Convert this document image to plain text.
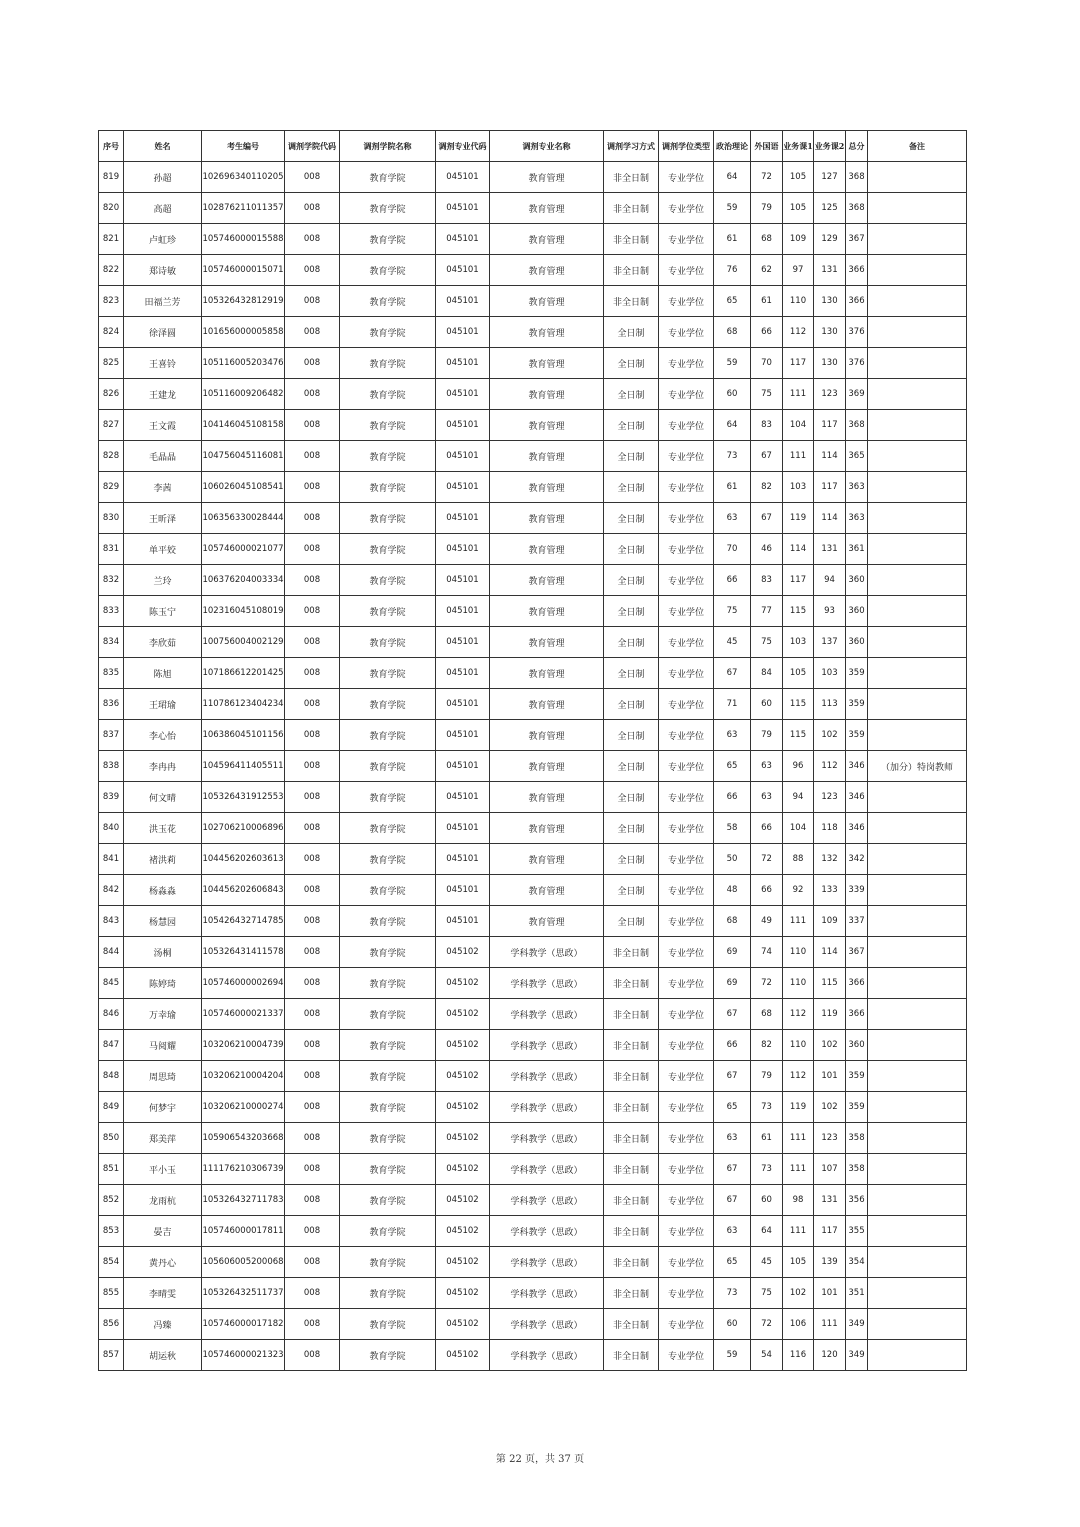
序号	姓名	考生编号	调剂学院代码	调剂学院名称	调剂专业代码	调剂专业名称	调剂学习方式	调剂学位类型	政治理论	外国语	业务课1	业务课2	总分	备注
819	孙超	102696340110205	008	教育学院	045101	教育管理	非全日制	专业学位	64	72	105	127	368	
820	高超	102876211011357	008	教育学院	045101	教育管理	非全日制	专业学位	59	79	105	125	368	
821	卢虹珍	105746000015588	008	教育学院	045101	教育管理	非全日制	专业学位	61	68	109	129	367	
822	郑诗敏	105746000015071	008	教育学院	045101	教育管理	非全日制	专业学位	76	62	97	131	366	
823	田福兰芳	105326432812919	008	教育学院	045101	教育管理	非全日制	专业学位	65	61	110	130	366	
824	徐泽圆	101656000005858	008	教育学院	045101	教育管理	全日制	专业学位	68	66	112	130	376	
825	王喜铃	105116005203476	008	教育学院	045101	教育管理	全日制	专业学位	59	70	117	130	376	
826	王建龙	105116009206482	008	教育学院	045101	教育管理	全日制	专业学位	60	75	111	123	369	
827	王文霞	104146045108158	008	教育学院	045101	教育管理	全日制	专业学位	64	83	104	117	368	
828	毛晶晶	104756045116081	008	教育学院	045101	教育管理	全日制	专业学位	73	67	111	114	365	
829	李茜	106026045108541	008	教育学院	045101	教育管理	全日制	专业学位	61	82	103	117	363	
830	王昕泽	106356330028444	008	教育学院	045101	教育管理	全日制	专业学位	63	67	119	114	363	
831	单平姣	105746000021077	008	教育学院	045101	教育管理	全日制	专业学位	70	46	114	131	361	
832	兰玲	106376204003334	008	教育学院	045101	教育管理	全日制	专业学位	66	83	117	94	360	
833	陈玉宁	102316045108019	008	教育学院	045101	教育管理	全日制	专业学位	75	77	115	93	360	
834	李欣茹	100756004002129	008	教育学院	045101	教育管理	全日制	专业学位	45	75	103	137	360	
835	陈旭	107186612201425	008	教育学院	045101	教育管理	全日制	专业学位	67	84	105	103	359	
836	王珺瑜	110786123404234	008	教育学院	045101	教育管理	全日制	专业学位	71	60	115	113	359	
837	李心怡	106386045101156	008	教育学院	045101	教育管理	全日制	专业学位	63	79	115	102	359	
838	李冉冉	104596411405511	008	教育学院	045101	教育管理	全日制	专业学位	65	63	96	112	346	（加分）特岗教师
839	何文晴	105326431912553	008	教育学院	045101	教育管理	全日制	专业学位	66	63	94	123	346	
840	洪玉花	102706210006896	008	教育学院	045101	教育管理	全日制	专业学位	58	66	104	118	346	
841	褚洪莉	104456202603613	008	教育学院	045101	教育管理	全日制	专业学位	50	72	88	132	342	
842	杨淼淼	104456202606843	008	教育学院	045101	教育管理	全日制	专业学位	48	66	92	133	339	
843	杨慧园	105426432714785	008	教育学院	045101	教育管理	全日制	专业学位	68	49	111	109	337	
844	汤桐	105326431411578	008	教育学院	045102	学科教学（思政）	非全日制	专业学位	69	74	110	114	367	
845	陈婷琦	105746000002694	008	教育学院	045102	学科教学（思政）	非全日制	专业学位	69	72	110	115	366	
846	万幸瑜	105746000021337	008	教育学院	045102	学科教学（思政）	非全日制	专业学位	67	68	112	119	366	
847	马阅耀	103206210004739	008	教育学院	045102	学科教学（思政）	非全日制	专业学位	66	82	110	102	360	
848	周思琦	103206210004204	008	教育学院	045102	学科教学（思政）	非全日制	专业学位	67	79	112	101	359	
849	何梦宇	103206210000274	008	教育学院	045102	学科教学（思政）	非全日制	专业学位	65	73	119	102	359	
850	郑美萍	105906543203668	008	教育学院	045102	学科教学（思政）	非全日制	专业学位	63	61	111	123	358	
851	平小玉	111176210306739	008	教育学院	045102	学科教学（思政）	非全日制	专业学位	67	73	111	107	358	
852	龙雨杭	105326432711783	008	教育学院	045102	学科教学（思政）	非全日制	专业学位	67	60	98	131	356	
853	晏吉	105746000017811	008	教育学院	045102	学科教学（思政）	非全日制	专业学位	63	64	111	117	355	
854	黄丹心	105606005200068	008	教育学院	045102	学科教学（思政）	非全日制	专业学位	65	45	105	139	354	
855	李晴雯	105326432511737	008	教育学院	045102	学科教学（思政）	非全日制	专业学位	73	75	102	101	351	
856	冯臻	105746000017182	008	教育学院	045102	学科教学（思政）	非全日制	专业学位	60	72	106	111	349	
857	胡运秋	105746000021323	008	教育学院	045102	学科教学（思政）	非全日制	专业学位	59	54	116	120	349	
第 22 页，共 37 页
